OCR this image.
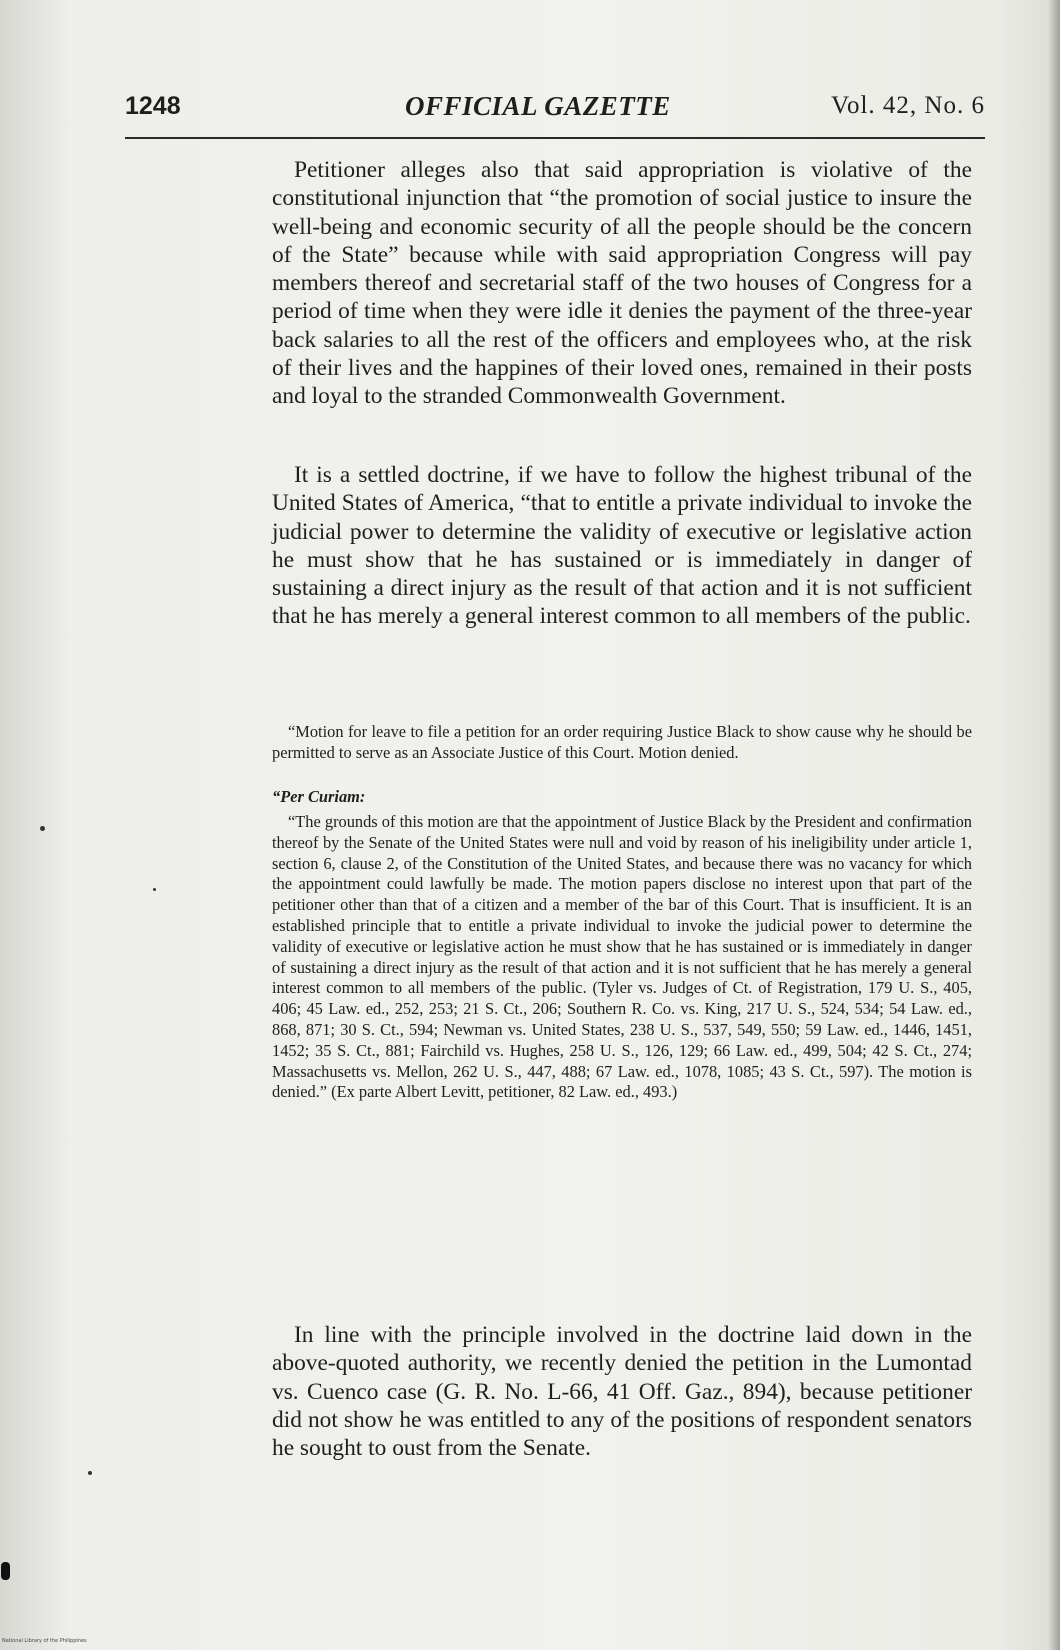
1248	OFFICIAL GAZETTE	Vol. 42, No. 6

Petitioner alleges also that said appropriation is violative of the constitutional injunction that “the promotion of social justice to insure the well-being and economic security of all the people should be the concern of the State” because while with said appropriation Congress will pay members thereof and secretarial staff of the two houses of Congress for a period of time when they were idle it denies the payment of the three-year back salaries to all the rest of the officers and employees who, at the risk of their lives and the happines of their loved ones, remained in their posts and loyal to the stranded Commonwealth Government.

It is a settled doctrine, if we have to follow the highest tribunal of the United States of America, “that to entitle a private individual to invoke the judicial power to determine the validity of executive or legislative action he must show that he has sustained or is immediately in danger of sustaining a direct injury as the result of that action and it is not sufficient that he has merely a general interest common to all members of the public.

“Motion for leave to file a petition for an order requiring Justice Black to show cause why he should be permitted to serve as an Associate Justice of this Court. Motion denied.

“Per Curiam:

“The grounds of this motion are that the appointment of Justice Black by the President and confirmation thereof by the Senate of the United States were null and void by reason of his ineligibility under article 1, section 6, clause 2, of the Constitution of the United States, and because there was no vacancy for which the appointment could lawfully be made. The motion papers disclose no interest upon that part of the petitioner other than that of a citizen and a member of the bar of this Court. That is insufficient. It is an established principle that to entitle a private individual to invoke the judicial power to determine the validity of executive or legislative action he must show that he has sustained or is immediately in danger of sustaining a direct injury as the result of that action and it is not sufficient that he has merely a general interest common to all members of the public. (Tyler vs. Judges of Ct. of Registration, 179 U. S., 405, 406; 45 Law. ed., 252, 253; 21 S. Ct., 206; Southern R. Co. vs. King, 217 U. S., 524, 534; 54 Law. ed., 868, 871; 30 S. Ct., 594; Newman vs. United States, 238 U. S., 537, 549, 550; 59 Law. ed., 1446, 1451, 1452; 35 S. Ct., 881; Fairchild vs. Hughes, 258 U. S., 126, 129; 66 Law. ed., 499, 504; 42 S. Ct., 274; Massachusetts vs. Mellon, 262 U. S., 447, 488; 67 Law. ed., 1078, 1085; 43 S. Ct., 597). The motion is denied.” (Ex parte Albert Levitt, petitioner, 82 Law. ed., 493.)

In line with the principle involved in the doctrine laid down in the above-quoted authority, we recently denied the petition in the Lumontad vs. Cuenco case (G. R. No. L-66, 41 Off. Gaz., 894), because petitioner did not show he was entitled to any of the positions of respondent senators he sought to oust from the Senate.

National Library of the Philippines
